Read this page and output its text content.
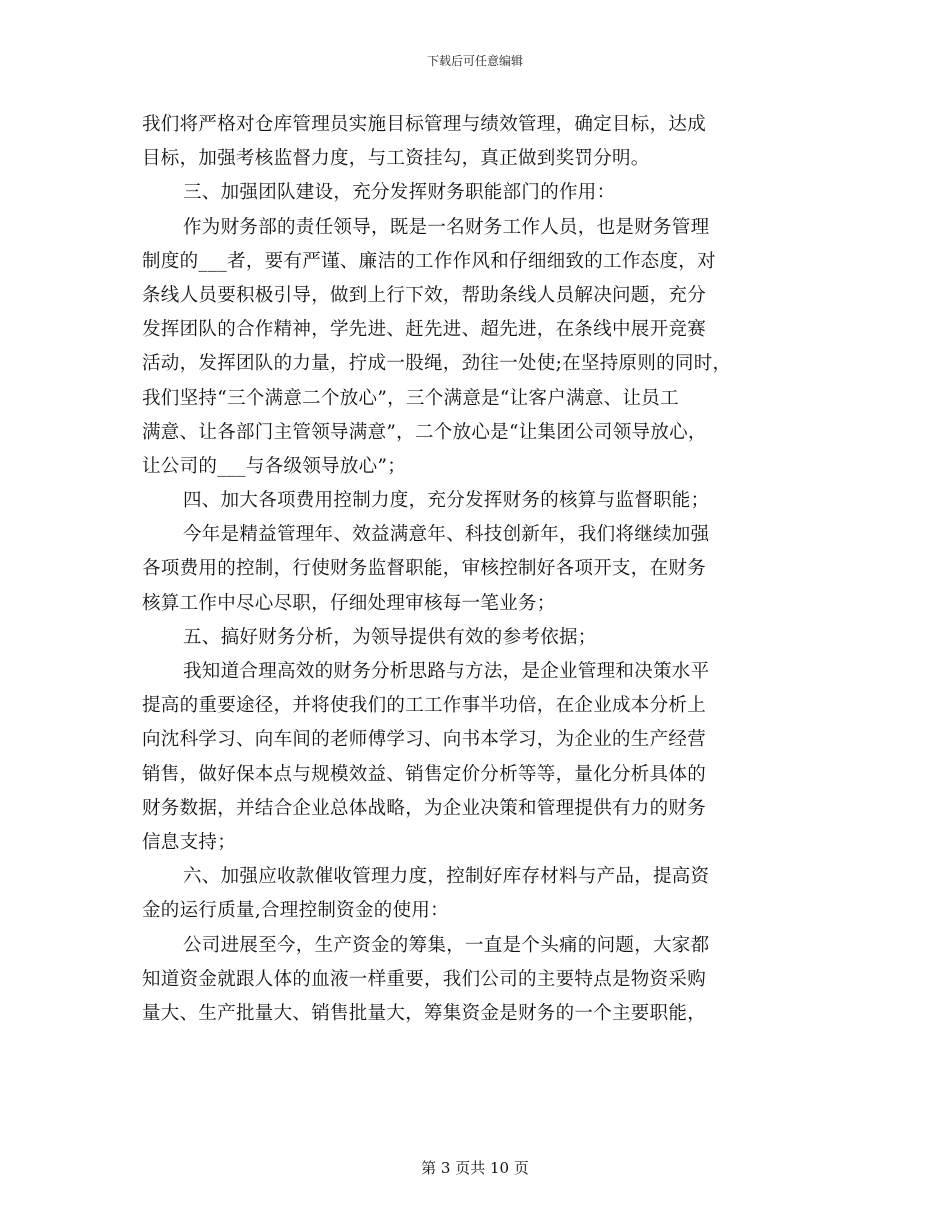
下载后可任意编辑
我们将严格对仓库管理员实施目标管理与绩效管理，确定目标，达成
目标，加强考核监督力度，与工资挂勾，真正做到奖罚分明。
三、加强团队建设，充分发挥财务职能部门的作用：
作为财务部的责任领导，既是一名财务工作人员，也是财务管理
制度的___者，要有严谨、廉洁的工作作风和仔细细致的工作态度，对
条线人员要积极引导，做到上行下效，帮助条线人员解决问题，充分
发挥团队的合作精神，学先进、赶先进、超先进，在条线中展开竞赛
活动，发挥团队的力量，拧成一股绳，劲往一处使;在坚持原则的同时，
我们坚持“三个满意二个放心”，三个满意是“让客户满意、让员工
满意、让各部门主管领导满意”，二个放心是“让集团公司领导放心，
让公司的___与各级领导放心”；
四、加大各项费用控制力度，充分发挥财务的核算与监督职能；
今年是精益管理年、效益满意年、科技创新年，我们将继续加强
各项费用的控制，行使财务监督职能，审核控制好各项开支，在财务
核算工作中尽心尽职，仔细处理审核每一笔业务；
五、搞好财务分析，为领导提供有效的参考依据；
我知道合理高效的财务分析思路与方法，是企业管理和决策水平
提高的重要途径，并将使我们的工工作事半功倍，在企业成本分析上
向沈科学习、向车间的老师傅学习、向书本学习，为企业的生产经营
销售，做好保本点与规模效益、销售定价分析等等，量化分析具体的
财务数据，并结合企业总体战略，为企业决策和管理提供有力的财务
信息支持；
六、加强应收款催收管理力度，控制好库存材料与产品，提高资
金的运行质量,合理控制资金的使用：
公司进展至今，生产资金的筹集，一直是个头痛的问题，大家都
知道资金就跟人体的血液一样重要，我们公司的主要特点是物资采购
量大、生产批量大、销售批量大，筹集资金是财务的一个主要职能，
第 3 页共 10 页
